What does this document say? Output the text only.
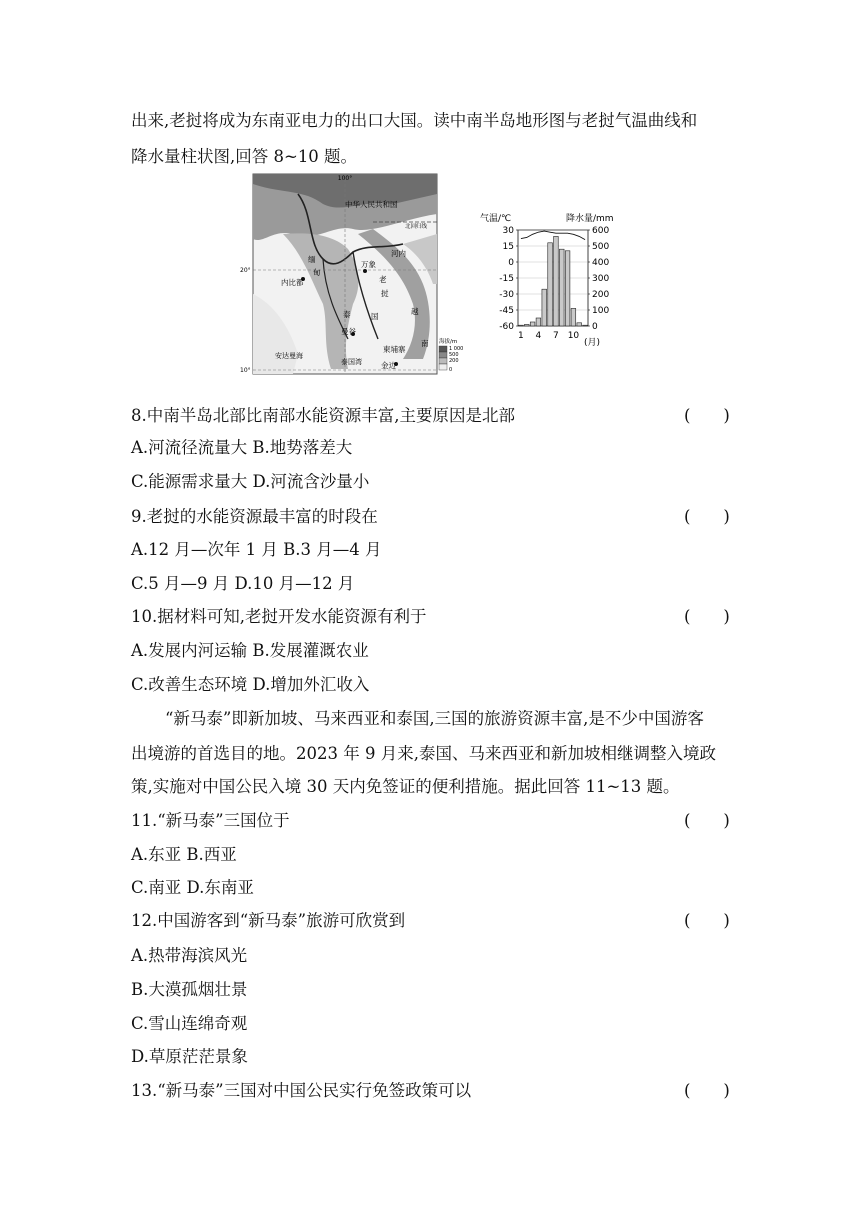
出来,老挝将成为东南亚电力的出口大国。读中南半岛地形图与老挝气温曲线和
降水量柱状图,回答 8~10 题。
100°
20°
10°
中华人民共和国
北回归线
缅
甸
内比都
万象
河内
老
挝
泰	国
曼谷
金边
柬埔寨
越
南
安达曼海
泰国湾
海拔/m
1 000
500
200
0
气温/℃	降水量/mm
30
15
0
-15
-30
-45
-60
600
500
400
300
200
100
0
1 4 7 10
(月)
8.中南半岛北部比南部水能资源丰富,主要原因是北部	(　　)
A.河流径流量大 B.地势落差大
C.能源需求量大 D.河流含沙量小
9.老挝的水能资源最丰富的时段在	(　　)
A.12 月—次年 1 月 B.3 月—4 月
C.5 月—9 月 D.10 月—12 月
10.据材料可知,老挝开发水能资源有利于	(　　)
A.发展内河运输 B.发展灌溉农业
C.改善生态环境 D.增加外汇收入
“新马泰”即新加坡、马来西亚和泰国,三国的旅游资源丰富,是不少中国游客
出境游的首选目的地。2023 年 9 月来,泰国、马来西亚和新加坡相继调整入境政
策,实施对中国公民入境 30 天内免签证的便利措施。据此回答 11~13 题。
11.“新马泰”三国位于	(　　)
A.东亚 B.西亚
C.南亚 D.东南亚
12.中国游客到“新马泰”旅游可欣赏到	(　　)
A.热带海滨风光
B.大漠孤烟壮景
C.雪山连绵奇观
D.草原茫茫景象
13.“新马泰”三国对中国公民实行免签政策可以	(　　)
